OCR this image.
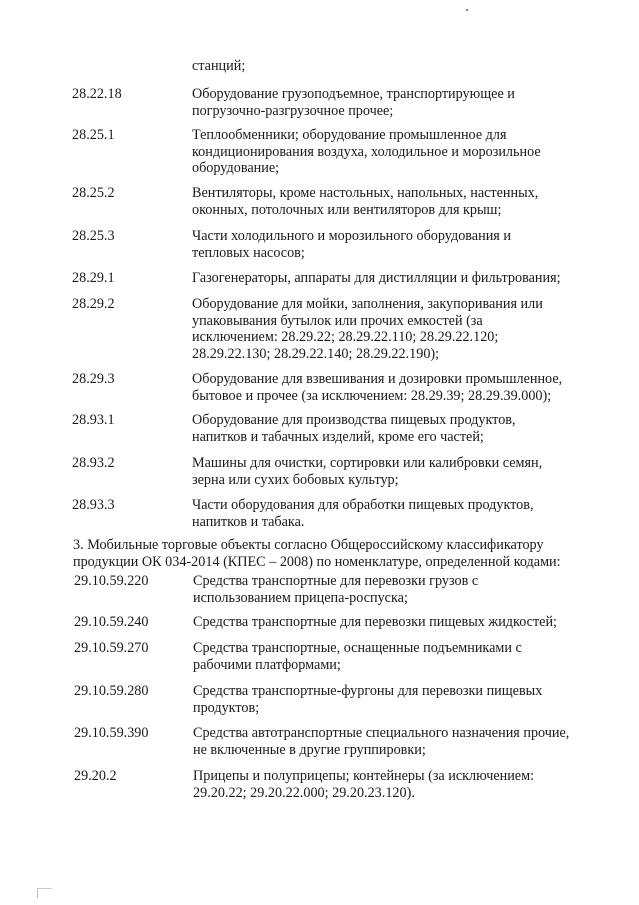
станций;
28.22.18	Оборудование грузоподъемное, транспортирующее и
погрузочно-разгрузочное прочее;
28.25.1	Теплообменники; оборудование промышленное для
кондиционирования воздуха, холодильное и морозильное
оборудование;
28.25.2	Вентиляторы, кроме настольных, напольных, настенных,
оконных, потолочных или вентиляторов для крыш;
28.25.3	Части холодильного и морозильного оборудования и
тепловых насосов;
28.29.1	Газогенераторы, аппараты для дистилляции и фильтрования;
28.29.2	Оборудование для мойки, заполнения, закупоривания или
упаковывания бутылок или прочих емкостей (за
исключением: 28.29.22; 28.29.22.110; 28.29.22.120;
28.29.22.130; 28.29.22.140; 28.29.22.190);
28.29.3	Оборудование для взвешивания и дозировки промышленное,
бытовое и прочее (за исключением: 28.29.39; 28.29.39.000);
28.93.1	Оборудование для производства пищевых продуктов,
напитков и табачных изделий, кроме его частей;
28.93.2	Машины для очистки, сортировки или калибровки семян,
зерна или сухих бобовых культур;
28.93.3	Части оборудования для обработки пищевых продуктов,
напитков и табака.
3. Мобильные торговые объекты согласно Общероссийскому классификатору
продукции ОК 034-2014 (КПЕС – 2008) по номенклатуре, определенной кодами:
29.10.59.220	Средства транспортные для перевозки грузов с
использованием прицепа-роспуска;
29.10.59.240	Средства транспортные для перевозки пищевых жидкостей;
29.10.59.270	Средства транспортные, оснащенные подъемниками с
рабочими платформами;
29.10.59.280	Средства транспортные-фургоны для перевозки пищевых
продуктов;
29.10.59.390	Средства автотранспортные специального назначения прочие,
не включенные в другие группировки;
29.20.2	Прицепы и полуприцепы; контейнеры (за исключением:
29.20.22; 29.20.22.000; 29.20.23.120).
